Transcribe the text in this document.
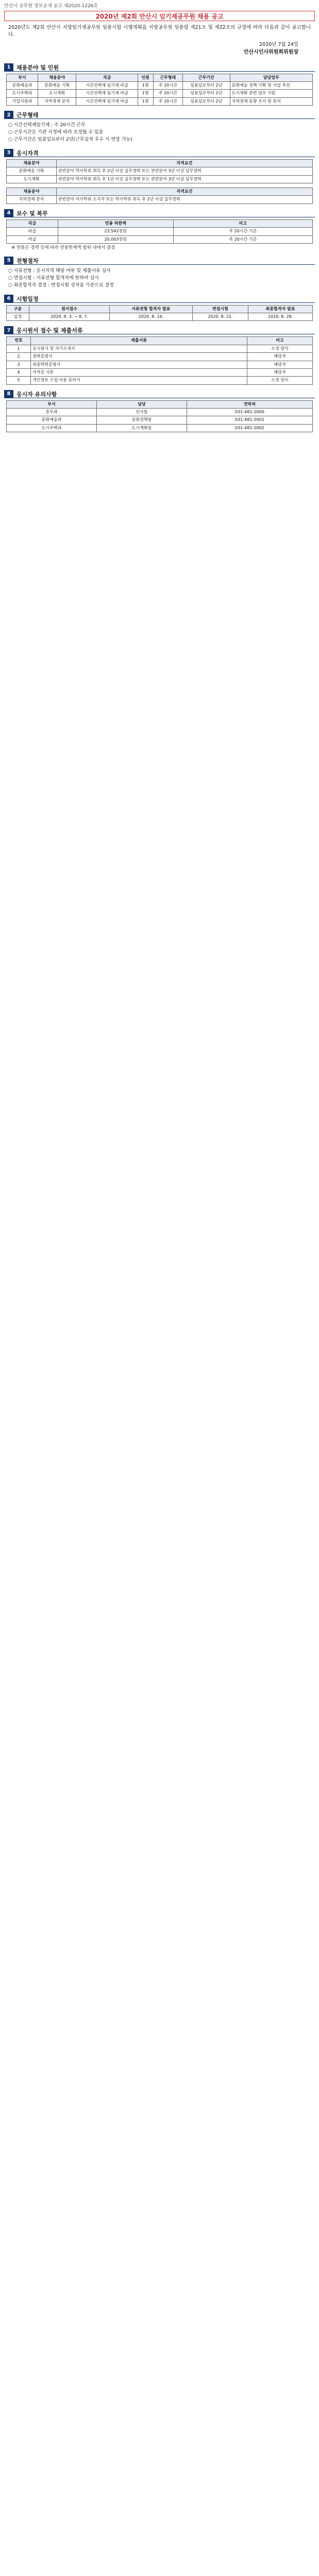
안산시 공무원 정보공개 공고 제2020-1226호
2020년 제2회 안산시 임기제공무원 채용 공고
2020년도 제2회 안산시 지방임기제공무원 임용시험 시행계획을 지방공무원 임용령 제21조 및 제22조의 규정에 따라 다음과 같이 공고합니다.
2020년 7월 24일
안산시인사위원회위원장
1	채용분야 및 인원
부서	채용분야	직급	인원	근무형태	근무기간	담당업무
문화예술과	문화예술 기획	시간선택제 임기제 라급	1명	주 20시간	임용일로부터 2년	문화예술 정책 기획 및 사업 추진
도시주택과	도시계획	시간선택제 임기제 마급	1명	주 20시간	임용일로부터 2년	도시계획 관련 업무 지원
기업지원과	지역경제 분석	시간선택제 임기제 마급	1명	주 20시간	임용일로부터 2년	지역경제 동향 조사 및 분석
2	근무형태

○ 시간선택제임기제 : 주 20시간 근무

○ 근무시간은 기관 사정에 따라 조정될 수 있음

○ 근무기간은 임용일로부터 2년(근무실적 우수 시 연장 가능)

3	응시자격
채용분야	자격요건
문화예술 기획	관련분야 학사학위 취득 후 2년 이상 실무경력 또는 관련분야 3년 이상 실무경력
도시계획	관련분야 학사학위 취득 후 1년 이상 실무경력 또는 관련분야 3년 이상 실무경력
채용분야	자격요건
지역경제 분석	관련분야 석사학위 소지자 또는 학사학위 취득 후 2년 이상 실무경력
4	보수 및 복무
직급	연봉 하한액	비고
라급	23,542천원	주 20시간 기준
마급	20,003천원	주 20시간 기준
※ 연봉은 경력 등에 따라 연봉한계액 범위 내에서 결정
5	전형절차

○ 서류전형 : 응시자격 해당 여부 및 제출서류 심사

○ 면접시험 : 서류전형 합격자에 한하여 실시

○ 최종합격자 결정 : 면접시험 성적을 기준으로 결정

6	시험일정
구분	원서접수	서류전형 합격자 발표	면접시험	최종합격자 발표
일정	2020. 8. 3. ~ 8. 7.	2020. 8. 14.	2020. 8. 21.	2020. 8. 28.
7	응시원서 접수 및 제출서류
번호	제출서류	비고
1	응시원서 및 자기소개서	소정 양식
2	경력증명서	해당자
3	최종학력증명서	해당자
4	자격증 사본	해당자
5	개인정보 수집·이용 동의서	소정 양식
8	응시자 유의사항
부서	담당	연락처
총무과	인사팀	031-481-2000
문화예술과	문화정책팀	031-481-2001
도시주택과	도시계획팀	031-481-2002
